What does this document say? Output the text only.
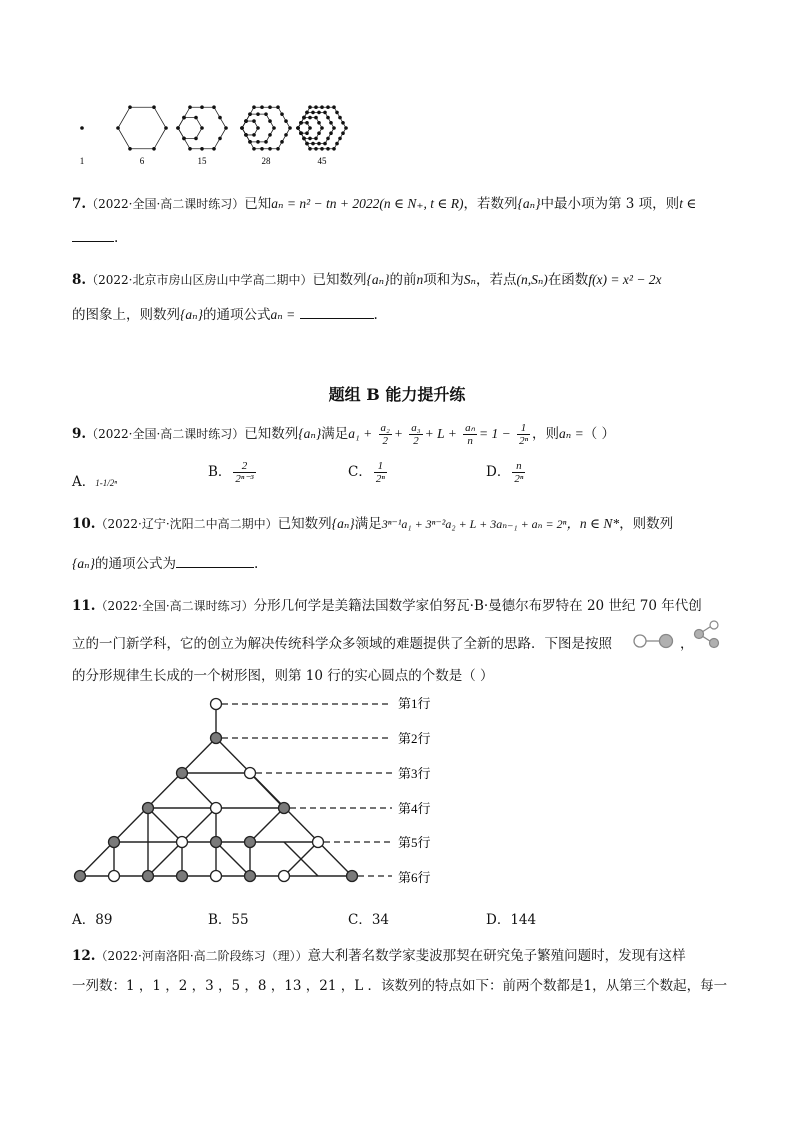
1	6	15	28	45
7.（2022·全国·高二课时练习）已知aₙ = n² − tn + 2022(n ∈ N₊, t ∈ R)，若数列{aₙ}中最小项为第 3 项，则t ∈
.
8.（2022·北京市房山区房山中学高二期中）已知数列{aₙ}的前n项和为Sₙ，若点(n,Sₙ)在函数f(x) = x² − 2x
的图象上，则数列{aₙ}的通项公式aₙ =	.
题组 B 能力提升练
9.（2022·全国·高二课时练习）已知数列{aₙ}满足$a_1 + \frac{\text{a₂}}{2} + \frac{\text{a₃}}{2} + L + \frac{\text{aₙ}}{n} = 1 - \frac{1}{\text{2ⁿ}}$ ，则aₙ =（ ）
A．1-1/2ⁿ
B． $\frac{2}{\text{2ⁿ⁻³}}$	C． $\frac{1}{\text{2ⁿ}}$	D． $\frac{n}{\text{2ⁿ}}$
10.（2022·辽宁·沈阳二中高二期中）已知数列{aₙ}满足3ⁿ⁻¹a₁ + 3ⁿ⁻²a₂ + L + 3aₙ₋₁ + aₙ = 2ⁿ，n ∈ N*，则数列
{aₙ}的通项公式为	.
11.（2022·全国·高二课时练习）分形几何学是美籍法国数学家伯努瓦·B·曼德尔布罗特在 20 世纪 70 年代创
立的一门新学科，它的创立为解决传统科学众多领域的难题提供了全新的思路．下图是按照	，
的分形规律生长成的一个树形图，则第 10 行的实心圆点的个数是（ ）
第1行
第2行
第3行
第4行
第5行
第6行
A．89	B．55	C．34	D．144
12.（2022·河南洛阳·高二阶段练习（理））意大利著名数学家斐波那契在研究兔子繁殖问题时，发现有这样
一列数：1 ，1 ，2 ，3 ，5 ，8 ，13 ，21 ，L ．该数列的特点如下：前两个数都是1，从第三个数起，每一
